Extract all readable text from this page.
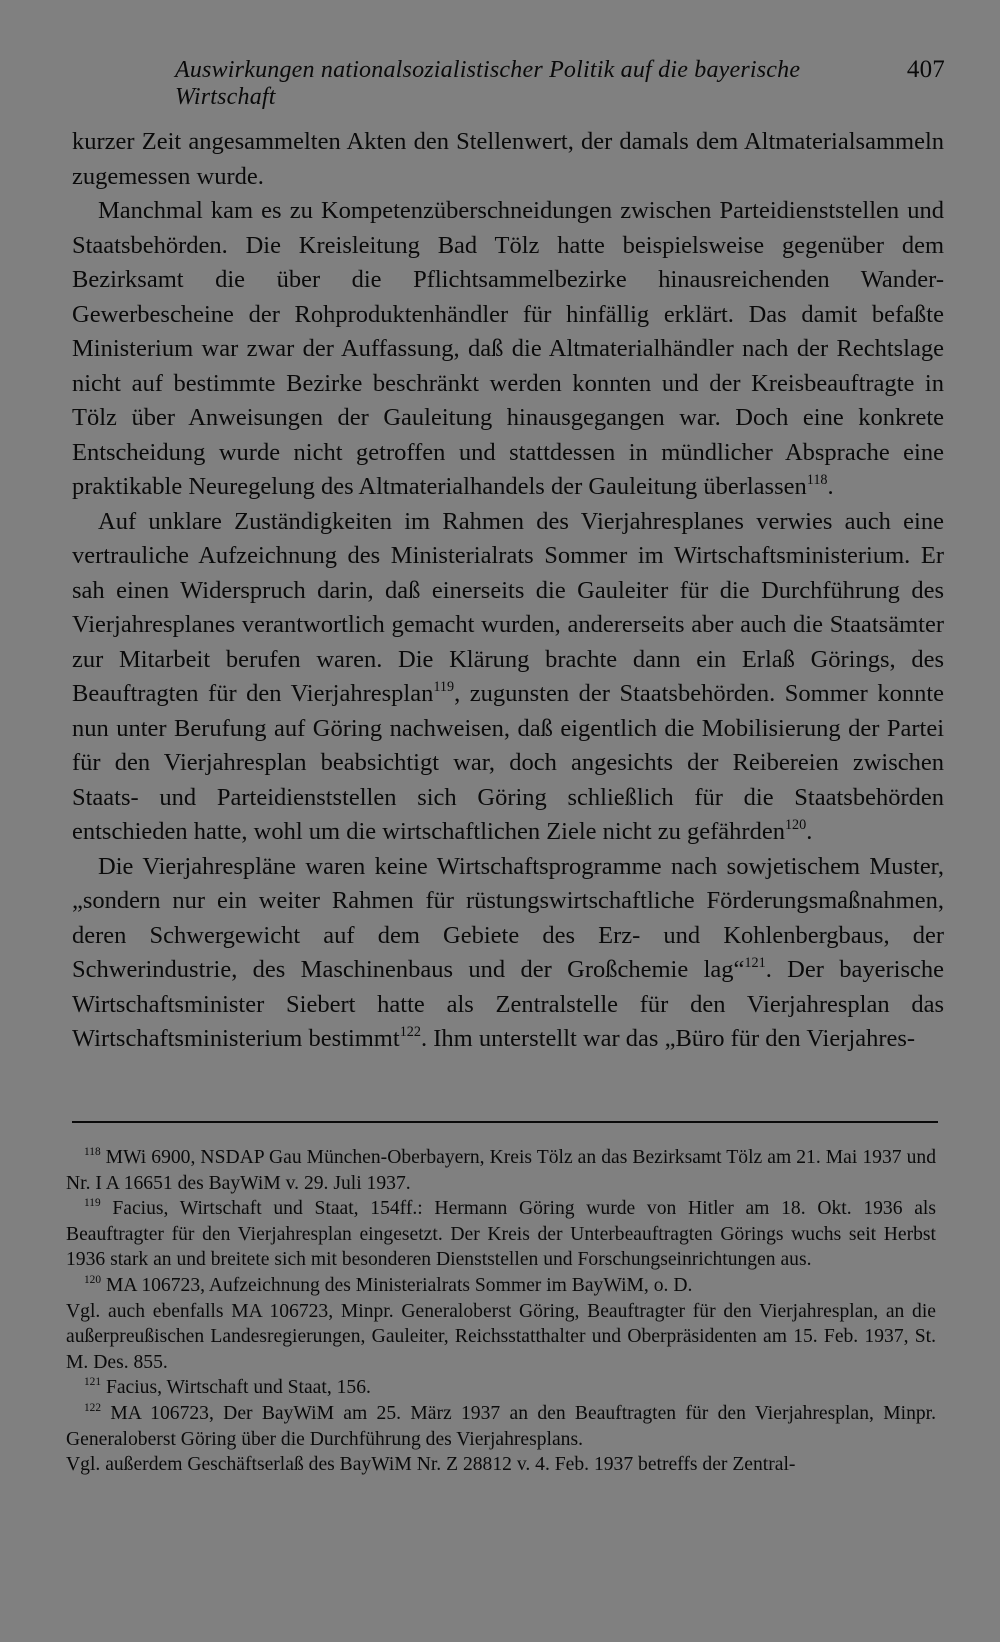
Auswirkungen nationalsozialistischer Politik auf die bayerische Wirtschaft
407

kurzer Zeit angesammelten Akten den Stellenwert, der damals dem Altmaterialsammeln zugemessen wurde.

Manchmal kam es zu Kompetenzüberschneidungen zwischen Parteidienststellen und Staatsbehörden. Die Kreisleitung Bad Tölz hatte beispielsweise gegenüber dem Bezirksamt die über die Pflichtsammelbezirke hinausreichenden Wander-Gewerbescheine der Rohproduktenhändler für hinfällig erklärt. Das damit befaßte Ministerium war zwar der Auffassung, daß die Altmaterialhändler nach der Rechtslage nicht auf bestimmte Bezirke beschränkt werden konnten und der Kreisbeauftragte in Tölz über Anweisungen der Gauleitung hinausgegangen war. Doch eine konkrete Entscheidung wurde nicht getroffen und stattdessen in mündlicher Absprache eine praktikable Neuregelung des Altmaterialhandels der Gauleitung überlassen$^{118}$.

Auf unklare Zuständigkeiten im Rahmen des Vierjahresplanes verwies auch eine vertrauliche Aufzeichnung des Ministerialrats Sommer im Wirtschaftsministerium. Er sah einen Widerspruch darin, daß einerseits die Gauleiter für die Durchführung des Vierjahresplanes verantwortlich gemacht wurden, andererseits aber auch die Staatsämter zur Mitarbeit berufen waren. Die Klärung brachte dann ein Erlaß Görings, des Beauftragten für den Vierjahresplan$^{119}$, zugunsten der Staatsbehörden. Sommer konnte nun unter Berufung auf Göring nachweisen, daß eigentlich die Mobilisierung der Partei für den Vierjahresplan beabsichtigt war, doch angesichts der Reibereien zwischen Staats- und Parteidienststellen sich Göring schließlich für die Staatsbehörden entschieden hatte, wohl um die wirtschaftlichen Ziele nicht zu gefährden$^{120}$.

Die Vierjahrespläne waren keine Wirtschaftsprogramme nach sowjetischem Muster, „sondern nur ein weiter Rahmen für rüstungswirtschaftliche Förderungsmaßnahmen, deren Schwergewicht auf dem Gebiete des Erz- und Kohlenbergbaus, der Schwerindustrie, des Maschinenbaus und der Großchemie lag“$^{121}$. Der bayerische Wirtschaftsminister Siebert hatte als Zentralstelle für den Vierjahresplan das Wirtschaftsministerium bestimmt$^{122}$. Ihm unterstellt war das „Büro für den Vierjahres-

$^{118}$ MWi 6900, NSDAP Gau München-Oberbayern, Kreis Tölz an das Bezirksamt Tölz am 21. Mai 1937 und Nr. I A 16651 des BayWiM v. 29. Juli 1937.

$^{119}$ Facius, Wirtschaft und Staat, 154ff.: Hermann Göring wurde von Hitler am 18. Okt. 1936 als Beauftragter für den Vierjahresplan eingesetzt. Der Kreis der Unterbeauftragten Görings wuchs seit Herbst 1936 stark an und breitete sich mit besonderen Dienststellen und Forschungseinrichtungen aus.

$^{120}$ MA 106723, Aufzeichnung des Ministerialrats Sommer im BayWiM, o. D.

Vgl. auch ebenfalls MA 106723, Minpr. Generaloberst Göring, Beauftragter für den Vierjahresplan, an die außerpreußischen Landesregierungen, Gauleiter, Reichsstatthalter und Oberpräsidenten am 15. Feb. 1937, St. M. Des. 855.

$^{121}$ Facius, Wirtschaft und Staat, 156.

$^{122}$ MA 106723, Der BayWiM am 25. März 1937 an den Beauftragten für den Vierjahresplan, Minpr. Generaloberst Göring über die Durchführung des Vierjahresplans.

Vgl. außerdem Geschäftserlaß des BayWiM Nr. Z 28812 v. 4. Feb. 1937 betreffs der Zentral-
